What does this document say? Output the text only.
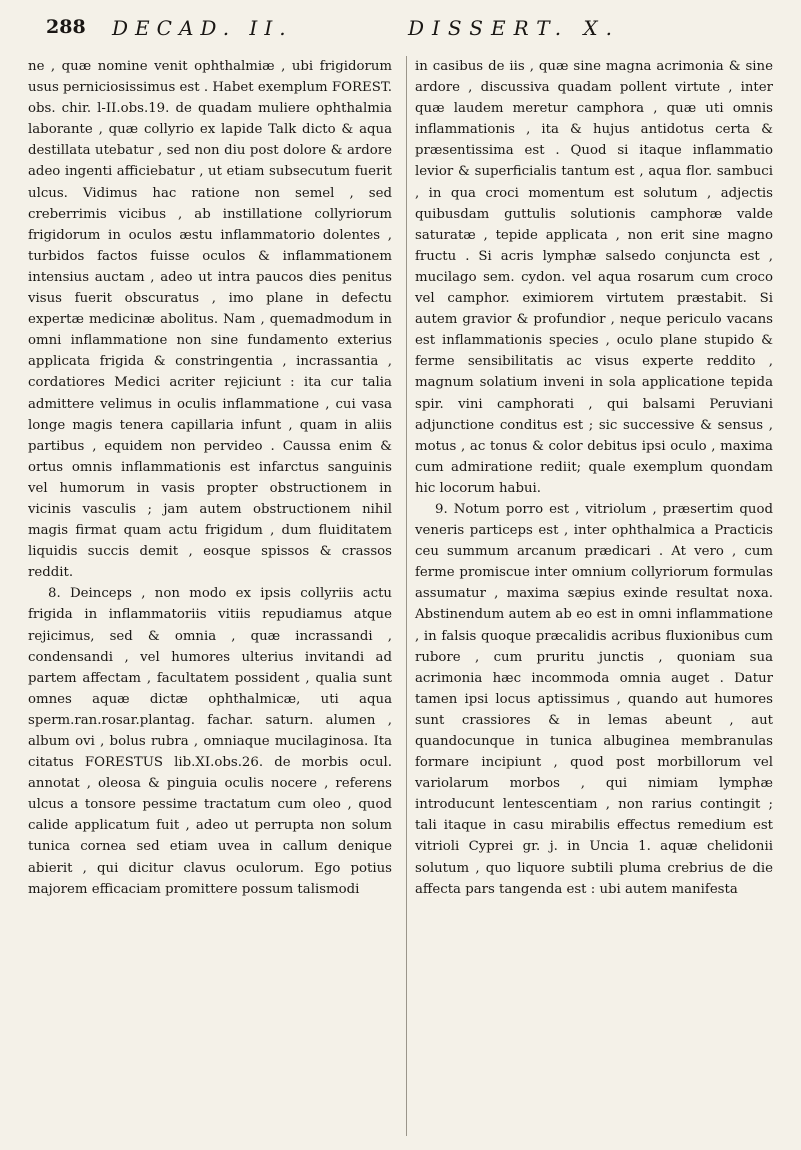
288 DECAD. II.	DISSERT. X.

ne , quæ nomine venit ophthalmiæ , ubi frigidorum usus perniciosissimus est . Habet exemplum FOREST. obs. chir. l-II.obs.19. de quadam muliere ophthalmia laborante , quæ collyrio ex lapide Talk dicto & aqua destillata utebatur , sed non diu post dolore & ardore adeo ingenti afficiebatur , ut etiam subsecutum fuerit ulcus. Vidimus hac ratione non semel , sed creberrimis vicibus , ab instillatione collyriorum frigidorum in oculos æstu inflammatorio dolentes , turbidos factos fuisse oculos & inflammationem intensius auctam , adeo ut intra paucos dies penitus visus fuerit obscuratus , imo plane in defectu expertæ medicinæ abolitus. Nam , quemadmodum in omni inflammatione non sine fundamento exterius applicata frigida & constringentia , incrassantia , cordatiores Medici acriter rejiciunt : ita cur talia admittere velimus in oculis inflammatione , cui vasa longe magis tenera capillaria infunt , quam in aliis partibus , equidem non pervideo . Caussa enim & ortus omnis inflammationis est infarctus sanguinis vel humorum in vasis propter obstructionem in vicinis vasculis ; jam autem obstructionem nihil magis firmat quam actu frigidum , dum fluiditatem liquidis succis demit , eosque spissos & crassos reddit.

8. Deinceps , non modo ex ipsis collyriis actu frigida in inflammatoriis vitiis repudiamus atque rejicimus, sed & omnia , quæ incrassandi , condensandi , vel humores ulterius invitandi ad partem affectam , facultatem possident , qualia sunt omnes aquæ dictæ ophthalmicæ, uti aqua sperm.ran.rosar.plantag. fachar. saturn. alumen , album ovi , bolus rubra , omniaque mucilaginosa. Ita citatus FORESTUS lib.XI.obs.26. de morbis ocul. annotat , oleosa & pinguia oculis nocere , referens ulcus a tonsore pessime tractatum cum oleo , quod calide applicatum fuit , adeo ut perrupta non solum tunica cornea sed etiam uvea in callum denique abierit , qui dicitur clavus oculorum. Ego potius majorem efficaciam promittere possum talismodi

in casibus de iis , quæ sine magna acrimonia & sine ardore , discussiva quadam pollent virtute , inter quæ laudem meretur camphora , quæ uti omnis inflammationis , ita & hujus antidotus certa & præsentissima est . Quod si itaque inflammatio levior & superficialis tantum est , aqua flor. sambuci , in qua croci momentum est solutum , adjectis quibusdam guttulis solutionis camphoræ valde saturatæ , tepide applicata , non erit sine magno fructu . Si acris lymphæ salsedo conjuncta est , mucilago sem. cydon. vel aqua rosarum cum croco vel camphor. eximiorem virtutem præstabit. Si autem gravior & profundior , neque periculo vacans est inflammationis species , oculo plane stupido & ferme sensibilitatis ac visus experte reddito , magnum solatium inveni in sola applicatione tepida spir. vini camphorati , qui balsami Peruviani adjunctione conditus est ; sic successive & sensus , motus , ac tonus & color debitus ipsi oculo , maxima cum admiratione rediit; quale exemplum quondam hic locorum habui.

9. Notum porro est , vitriolum , præsertim quod veneris particeps est , inter ophthalmica a Practicis ceu summum arcanum prædicari . At vero , cum ferme promiscue inter omnium collyriorum formulas assumatur , maxima sæpius exinde resultat noxa. Abstinendum autem ab eo est in omni inflammatione , in falsis quoque præcalidis acribus fluxionibus cum rubore , cum pruritu junctis , quoniam sua acrimonia hæc incommoda omnia auget . Datur tamen ipsi locus aptissimus , quando aut humores sunt crassiores & in lemas abeunt , aut quandocunque in tunica albuginea membranulas formare incipiunt , quod post morbillorum vel variolarum morbos , qui nimiam lymphæ introducunt lentescentiam , non rarius contingit ; tali itaque in casu mirabilis effectus remedium est vitrioli Cyprei gr. j. in Uncia 1. aquæ chelidonii solutum , quo liquore subtili pluma crebrius de die affecta pars tangenda est : ubi autem manifesta
